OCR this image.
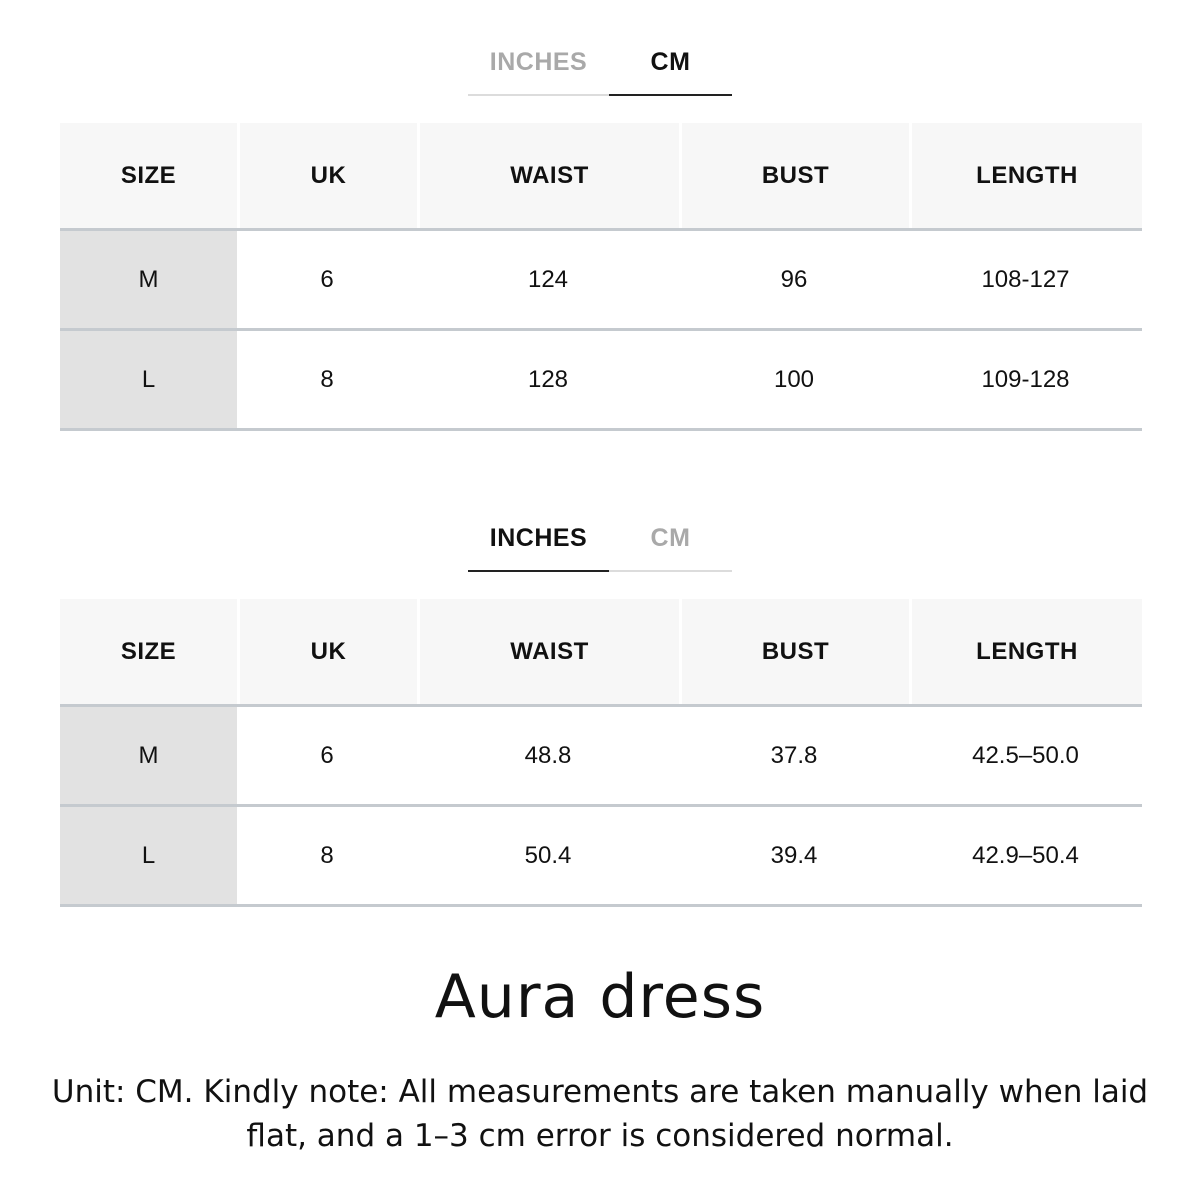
INCHES	CM
SIZE	UK	WAIST	BUST	LENGTH
M	6	124	96	108-127
L	8	128	100	109-128
INCHES	CM
SIZE	UK	WAIST	BUST	LENGTH
M	6	48.8	37.8	42.5–50.0
L	8	50.4	39.4	42.9–50.4
Aura dress
Unit: CM. Kindly note: All measurements are taken manually when laid flat, and a 1–3 cm error is considered normal.
